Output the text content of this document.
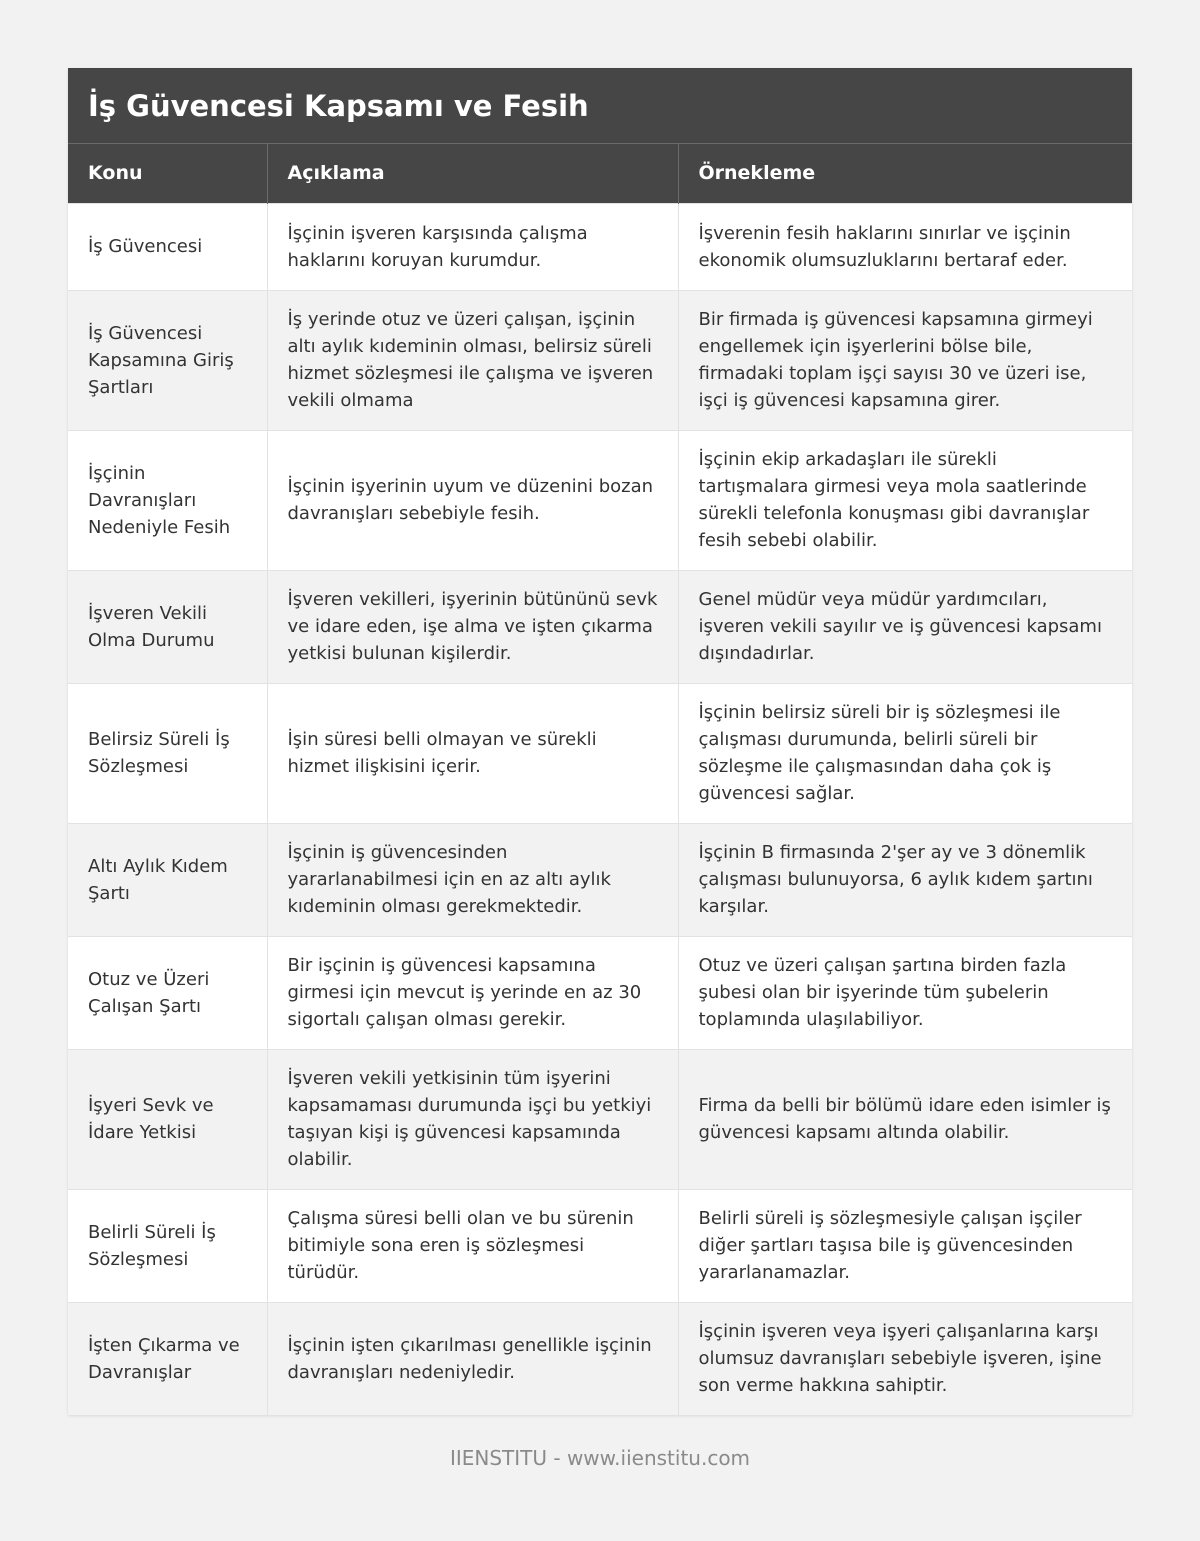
İş Güvencesi Kapsamı ve Fesih
Konu	Açıklama	Örnekleme
İş Güvencesi	İşçinin işveren karşısında çalışma haklarını koruyan kurumdur.	İşverenin fesih haklarını sınırlar ve işçinin ekonomik olumsuzluklarını bertaraf eder.
İş Güvencesi Kapsamına Giriş Şartları	İş yerinde otuz ve üzeri çalışan, işçinin altı aylık kıdeminin olması, belirsiz süreli hizmet sözleşmesi ile çalışma ve işveren vekili olmama	Bir firmada iş güvencesi kapsamına girmeyi engellemek için işyerlerini bölse bile, firmadaki toplam işçi sayısı 30 ve üzeri ise, işçi iş güvencesi kapsamına girer.
İşçinin Davranışları Nedeniyle Fesih	İşçinin işyerinin uyum ve düzenini bozan davranışları sebebiyle fesih.	İşçinin ekip arkadaşları ile sürekli tartışmalara girmesi veya mola saatlerinde sürekli telefonla konuşması gibi davranışlar fesih sebebi olabilir.
İşveren Vekili Olma Durumu	İşveren vekilleri, işyerinin bütününü sevk ve idare eden, işe alma ve işten çıkarma yetkisi bulunan kişilerdir.	Genel müdür veya müdür yardımcıları, işveren vekili sayılır ve iş güvencesi kapsamı dışındadırlar.
Belirsiz Süreli İş Sözleşmesi	İşin süresi belli olmayan ve sürekli hizmet ilişkisini içerir.	İşçinin belirsiz süreli bir iş sözleşmesi ile çalışması durumunda, belirli süreli bir sözleşme ile çalışmasından daha çok iş güvencesi sağlar.
Altı Aylık Kıdem Şartı	İşçinin iş güvencesinden yararlanabilmesi için en az altı aylık kıdeminin olması gerekmektedir.	İşçinin B firmasında 2'şer ay ve 3 dönemlik çalışması bulunuyorsa, 6 aylık kıdem şartını karşılar.
Otuz ve Üzeri Çalışan Şartı	Bir işçinin iş güvencesi kapsamına girmesi için mevcut iş yerinde en az 30 sigortalı çalışan olması gerekir.	Otuz ve üzeri çalışan şartına birden fazla şubesi olan bir işyerinde tüm şubelerin toplamında ulaşılabiliyor.
İşyeri Sevk ve İdare Yetkisi	İşveren vekili yetkisinin tüm işyerini kapsamaması durumunda işçi bu yetkiyi taşıyan kişi iş güvencesi kapsamında olabilir.	Firma da belli bir bölümü idare eden isimler iş güvencesi kapsamı altında olabilir.
Belirli Süreli İş Sözleşmesi	Çalışma süresi belli olan ve bu sürenin bitimiyle sona eren iş sözleşmesi türüdür.	Belirli süreli iş sözleşmesiyle çalışan işçiler diğer şartları taşısa bile iş güvencesinden yararlanamazlar.
İşten Çıkarma ve Davranışlar	İşçinin işten çıkarılması genellikle işçinin davranışları nedeniyledir.	İşçinin işveren veya işyeri çalışanlarına karşı olumsuz davranışları sebebiyle işveren, işine son verme hakkına sahiptir.
IIENSTITU - www.iienstitu.com
